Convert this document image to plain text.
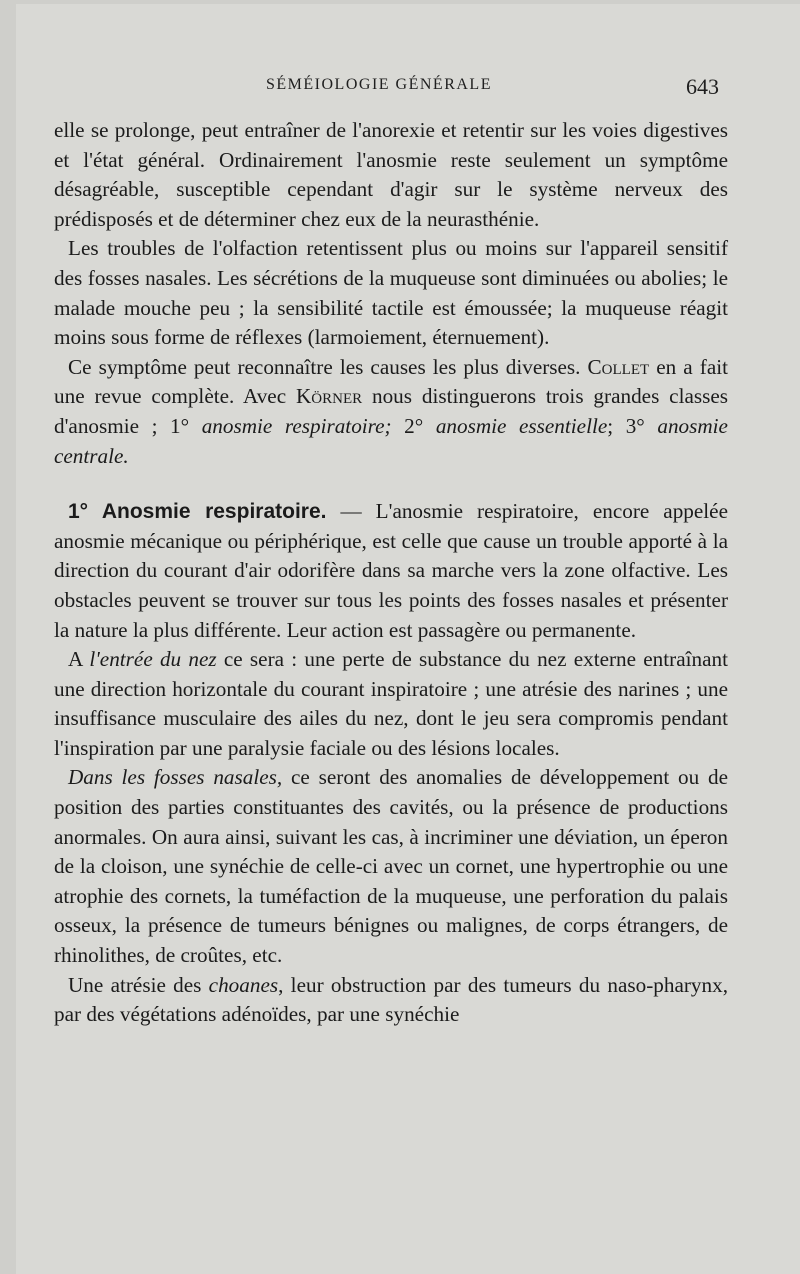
SÉMÉIOLOGIE GÉNÉRALE	643

elle se prolonge, peut entraîner de l'anorexie et retentir sur les voies digestives et l'état général. Ordinairement l'anosmie reste seulement un symptôme désagréable, susceptible cependant d'agir sur le système nerveux des prédisposés et de déterminer chez eux de la neurasthénie.

Les troubles de l'olfaction retentissent plus ou moins sur l'appareil sensitif des fosses nasales. Les sécrétions de la muqueuse sont diminuées ou abolies; le malade mouche peu ; la sensibilité tactile est émoussée; la muqueuse réagit moins sous forme de réflexes (larmoiement, éternuement).

Ce symptôme peut reconnaître les causes les plus diverses. Collet en a fait une revue complète. Avec Körner nous distinguerons trois grandes classes d'anosmie ; 1° anosmie respiratoire; 2° anosmie essentielle; 3° anosmie centrale.

1° Anosmie respiratoire. — L'anosmie respiratoire, encore appelée anosmie mécanique ou périphérique, est celle que cause un trouble apporté à la direction du courant d'air odorifère dans sa marche vers la zone olfactive. Les obstacles peuvent se trouver sur tous les points des fosses nasales et présenter la nature la plus différente. Leur action est passagère ou permanente.

A l'entrée du nez ce sera : une perte de substance du nez externe entraînant une direction horizontale du courant inspiratoire ; une atrésie des narines ; une insuffisance musculaire des ailes du nez, dont le jeu sera compromis pendant l'inspiration par une paralysie faciale ou des lésions locales.

Dans les fosses nasales, ce seront des anomalies de développement ou de position des parties constituantes des cavités, ou la présence de productions anormales. On aura ainsi, suivant les cas, à incriminer une déviation, un éperon de la cloison, une synéchie de celle-ci avec un cornet, une hypertrophie ou une atrophie des cornets, la tuméfaction de la muqueuse, une perforation du palais osseux, la présence de tumeurs bénignes ou malignes, de corps étrangers, de rhinolithes, de croûtes, etc.

Une atrésie des choanes, leur obstruction par des tumeurs du naso-pharynx, par des végétations adénoïdes, par une synéchie
